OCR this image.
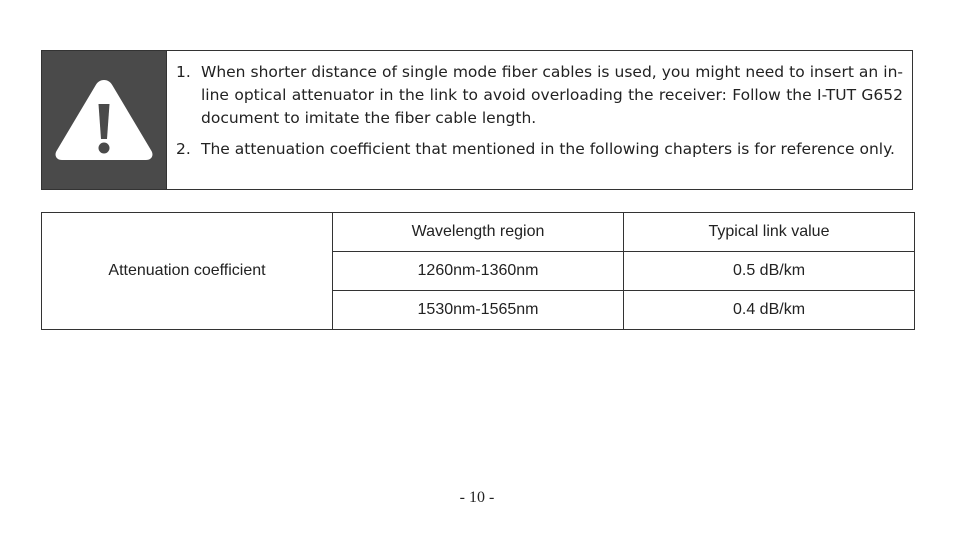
1. When shorter distance of single mode fiber cables is used, you might need to insert an in-line optical attenuator in the link to avoid overloading the receiver: Follow the I-TUT G652 document to imitate the fiber cable length.
2. The attenuation coefficient that mentioned in the following chapters is for reference only.
Attenuation coefficient	Wavelength region	Typical link value
	1260nm-1360nm	0.5 dB/km
	1530nm-1565nm	0.4 dB/km
- 10 -
